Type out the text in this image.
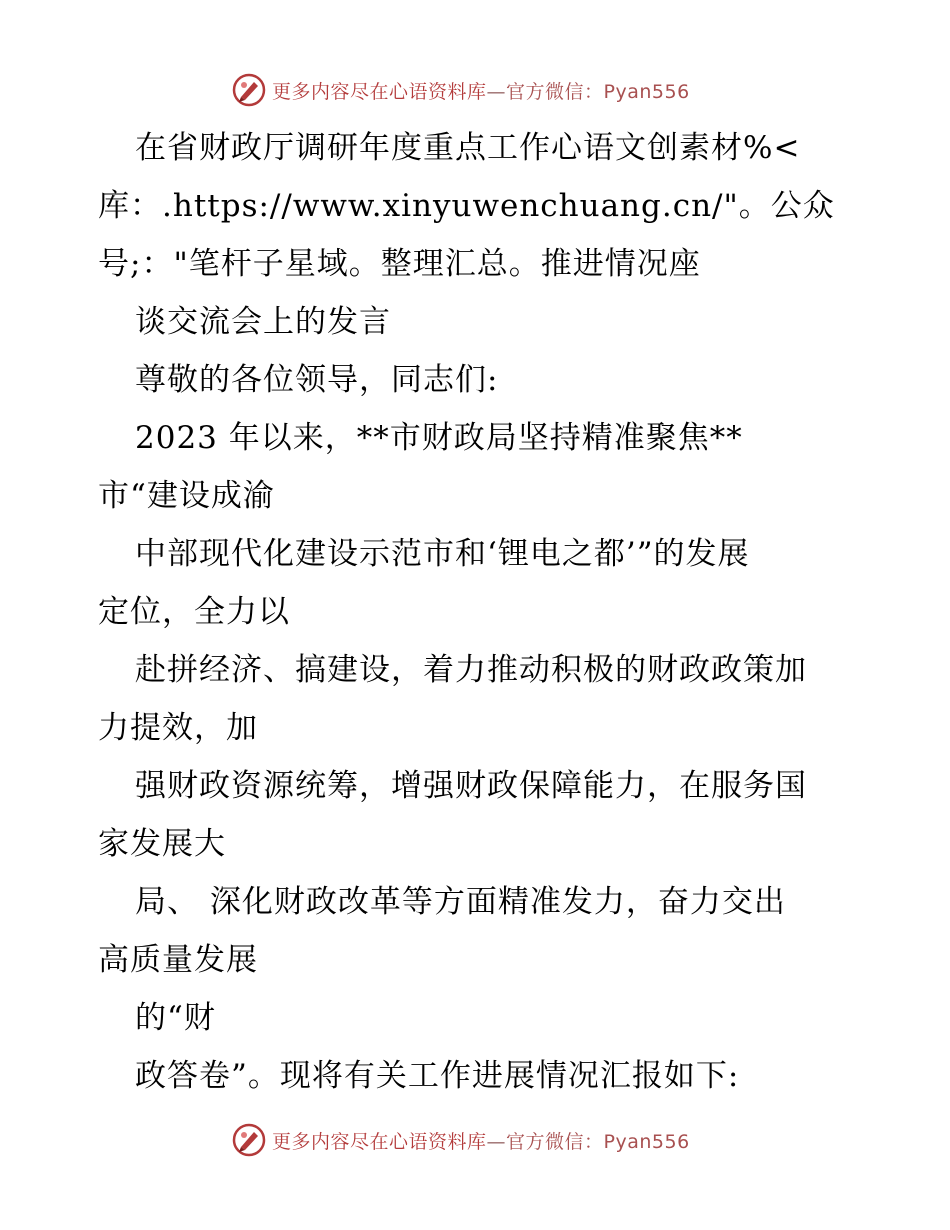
更多内容尽在心语资料库—官方微信：Pyan556
在省财政厅调研年度重点工作心语文创素材%<
库：.https://www.xinyuwenchuang.cn/"。公众
号;："笔杆子星域。整理汇总。推进情况座
谈交流会上的发言
尊敬的各位领导，同志们:
2023 年以来，**市财政局坚持精准聚焦**
市“建设成渝
中部现代化建设示范市和‘锂电之都’”的发展
定位，全力以
赴拼经济、搞建设，着力推动积极的财政政策加
力提效，加
强财政资源统筹，增强财政保障能力，在服务国
家发展大
局、 深化财政改革等方面精准发力，奋力交出
高质量发展
的“财
政答卷”。现将有关工作进展情况汇报如下:
更多内容尽在心语资料库—官方微信：Pyan556
